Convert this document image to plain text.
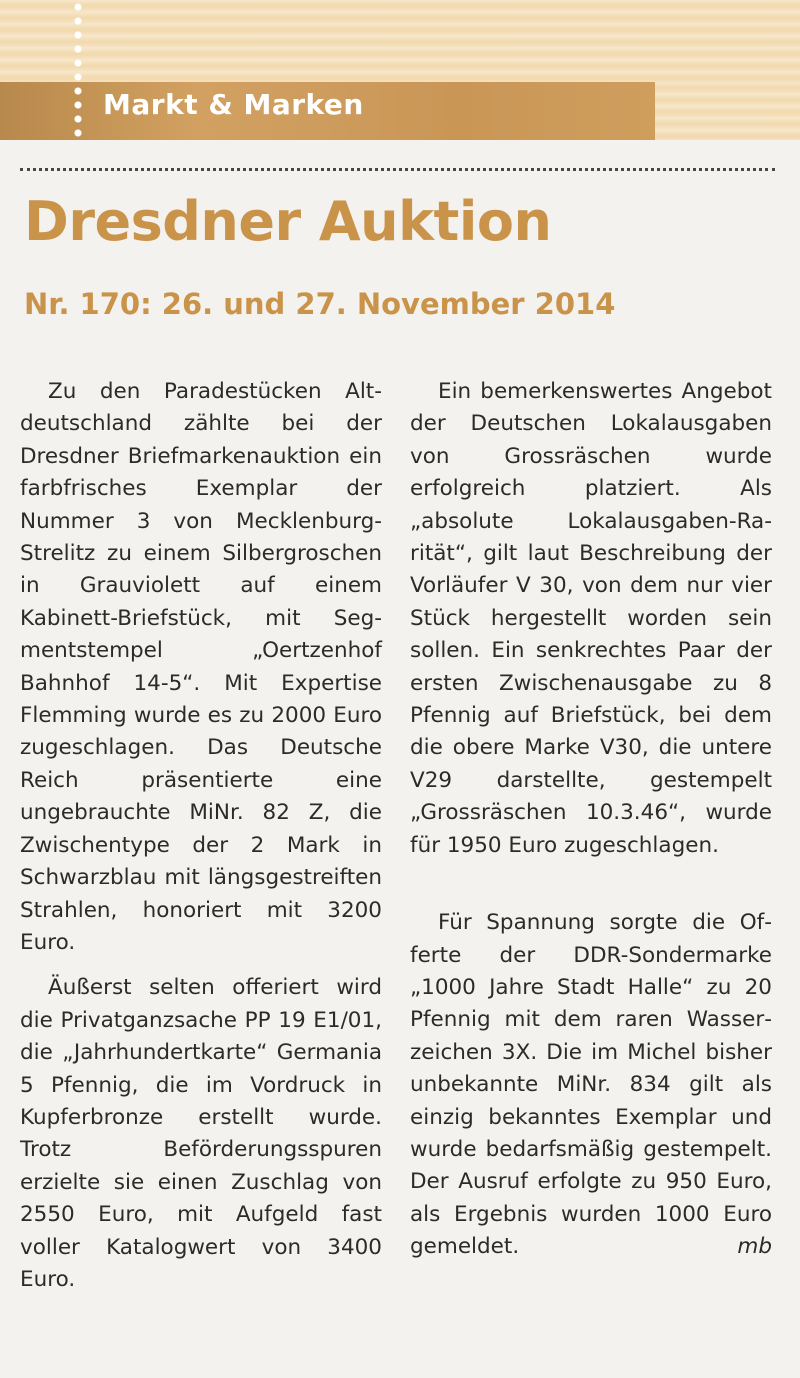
Markt & Marken
Dresdner Auktion
Nr. 170: 26. und 27. November 2014

Zu den Paradestücken Altdeutschland zählte bei der Dresdner Briefmarkenauktion ein farbfrisches Exemplar der Nummer 3 von Mecklenburg-Strelitz zu einem Silbergroschen in Grauviolett auf einem Kabinett-Briefstück, mit Segmentstempel „Oertzenhof Bahnhof 14-5“. Mit Expertise Flemming wurde es zu 2000 Euro zugeschlagen. Das Deutsche Reich präsentierte eine ungebrauchte MiNr. 82 Z, die Zwischentype der 2 Mark in Schwarzblau mit längsgestreiften Strahlen, honoriert mit 3200 Euro.

Äußerst selten offeriert wird die Privatganzsache PP 19 E1/01, die „Jahrhundertkarte“ Germania 5 Pfennig, die im Vordruck in Kupferbronze erstellt wurde. Trotz Beförderungsspuren erzielte sie einen Zuschlag von 2550 Euro, mit Aufgeld fast voller Katalogwert von 3400 Euro.

Ein bemerkenswertes Angebot der Deutschen Lokalausgaben von Grossräschen wurde erfolgreich platziert. Als „absolute Lokalausgaben-Rarität“, gilt laut Beschreibung der Vorläufer V 30, von dem nur vier Stück hergestellt worden sein sollen. Ein senkrechtes Paar der ersten Zwischenausgabe zu 8 Pfennig auf Briefstück, bei dem die obere Marke V30, die untere V29 darstellte, gestempelt „Grossräschen 10.3.46“, wurde für 1950 Euro zugeschlagen.

Für Spannung sorgte die Offerte der DDR-Sondermarke „1000 Jahre Stadt Halle“ zu 20 Pfennig mit dem raren Wasserzeichen 3X. Die im Michel bisher unbekannte MiNr. 834 gilt als einzig bekanntes Exemplar und wurde bedarfsmäßig gestempelt. Der Ausruf erfolgte zu 950 Euro, als Ergebnis wurden 1000 Euro gemeldet.	mb
